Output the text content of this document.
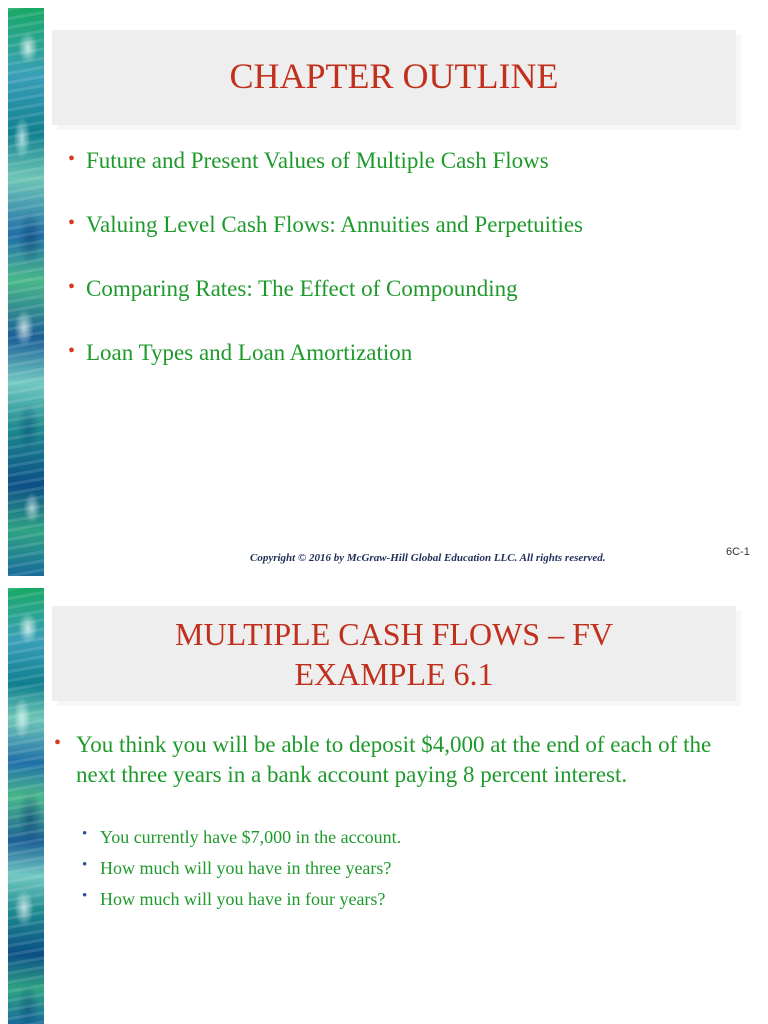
CHAPTER OUTLINE
• Future and Present Values of Multiple Cash Flows
• Valuing Level Cash Flows: Annuities and Perpetuities
• Comparing Rates: The Effect of Compounding
• Loan Types and Loan Amortization
Copyright © 2016 by McGraw-Hill Global Education LLC. All rights reserved.	6C-1
MULTIPLE CASH FLOWS – FV
EXAMPLE 6.1
• You think you will be able to deposit $4,000 at the end of each of the next three years in a bank account paying 8 percent interest.
• You currently have $7,000 in the account.
• How much will you have in three years?
• How much will you have in four years?
